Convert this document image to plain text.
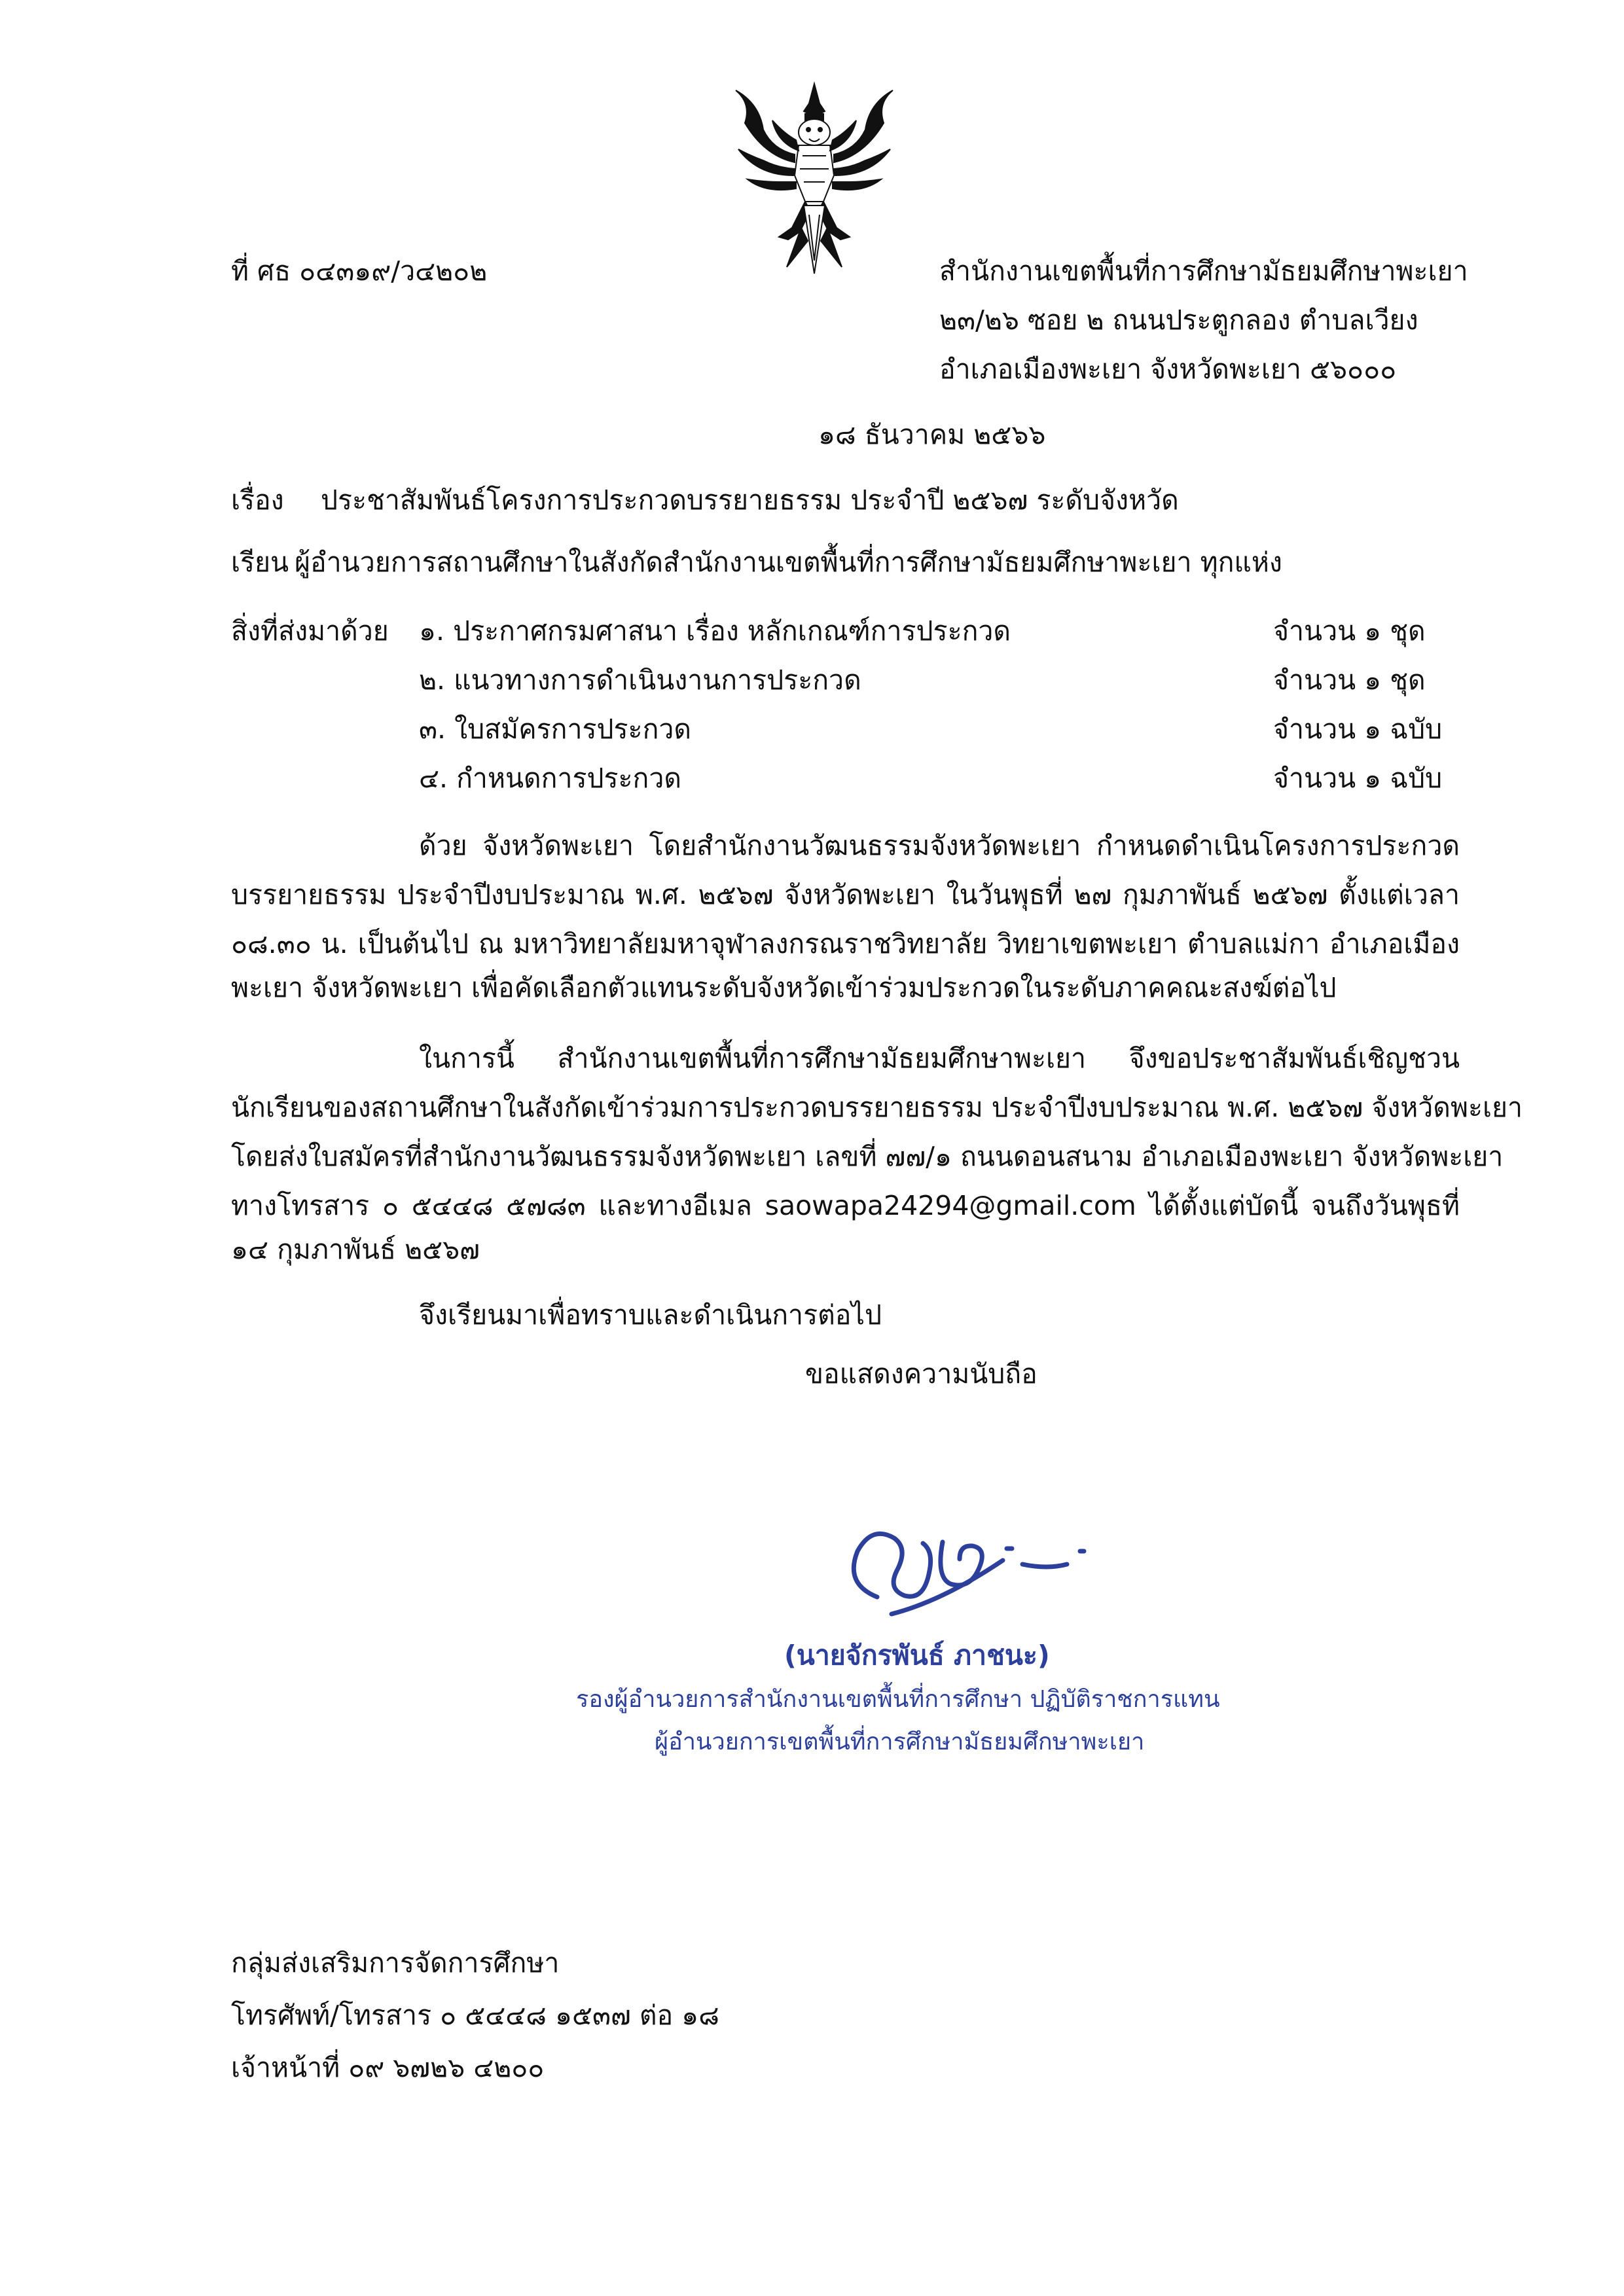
ที่ ศธ ๐๔๓๑๙/ว๔๒๐๒	สำนักงานเขตพื้นที่การศึกษามัธยมศึกษาพะเยา
๒๓/๒๖ ซอย ๒ ถนนประตูกลอง ตำบลเวียง
อำเภอเมืองพะเยา จังหวัดพะเยา ๕๖๐๐๐
๑๘ ธันวาคม ๒๕๖๖
เรื่อง ประชาสัมพันธ์โครงการประกวดบรรยายธรรม ประจำปี ๒๕๖๗ ระดับจังหวัด
เรียน ผู้อำนวยการสถานศึกษาในสังกัดสำนักงานเขตพื้นที่การศึกษามัธยมศึกษาพะเยา ทุกแห่ง
สิ่งที่ส่งมาด้วย ๑. ประกาศกรมศาสนา เรื่อง หลักเกณฑ์การประกวด	จำนวน ๑ ชุด
๒. แนวทางการดำเนินงานการประกวด	จำนวน ๑ ชุด
๓. ใบสมัครการประกวด	จำนวน ๑ ฉบับ
๔. กำหนดการประกวด	จำนวน ๑ ฉบับ
ด้วย จังหวัดพะเยา โดยสำนักงานวัฒนธรรมจังหวัดพะเยา กำหนดดำเนินโครงการประกวด
บรรยายธรรม ประจำปีงบประมาณ พ.ศ. ๒๕๖๗ จังหวัดพะเยา ในวันพุธที่ ๒๗ กุมภาพันธ์ ๒๕๖๗ ตั้งแต่เวลา
๐๘.๓๐ น. เป็นต้นไป ณ มหาวิทยาลัยมหาจุฬาลงกรณราชวิทยาลัย วิทยาเขตพะเยา ตำบลแม่กา อำเภอเมือง
พะเยา จังหวัดพะเยา เพื่อคัดเลือกตัวแทนระดับจังหวัดเข้าร่วมประกวดในระดับภาคคณะสงฆ์ต่อไป
ในการนี้ สำนักงานเขตพื้นที่การศึกษามัธยมศึกษาพะเยา จึงขอประชาสัมพันธ์เชิญชวน
นักเรียนของสถานศึกษาในสังกัดเข้าร่วมการประกวดบรรยายธรรม ประจำปีงบประมาณ พ.ศ. ๒๕๖๗ จังหวัดพะเยา
โดยส่งใบสมัครที่สำนักงานวัฒนธรรมจังหวัดพะเยา เลขที่ ๗๗/๑ ถนนดอนสนาม อำเภอเมืองพะเยา จังหวัดพะเยา
ทางโทรสาร ๐ ๕๔๔๘ ๕๗๘๓ และทางอีเมล saowapa24294@gmail.com ได้ตั้งแต่บัดนี้ จนถึงวันพุธที่
๑๔ กุมภาพันธ์ ๒๕๖๗
จึงเรียนมาเพื่อทราบและดำเนินการต่อไป
ขอแสดงความนับถือ
(นายจักรพันธ์ ภาชนะ)
รองผู้อำนวยการสำนักงานเขตพื้นที่การศึกษา ปฏิบัติราชการแทน
ผู้อำนวยการเขตพื้นที่การศึกษามัธยมศึกษาพะเยา
กลุ่มส่งเสริมการจัดการศึกษา
โทรศัพท์/โทรสาร ๐ ๕๔๔๘ ๑๕๓๗ ต่อ ๑๘
เจ้าหน้าที่ ๐๙ ๖๗๒๖ ๔๒๐๐
